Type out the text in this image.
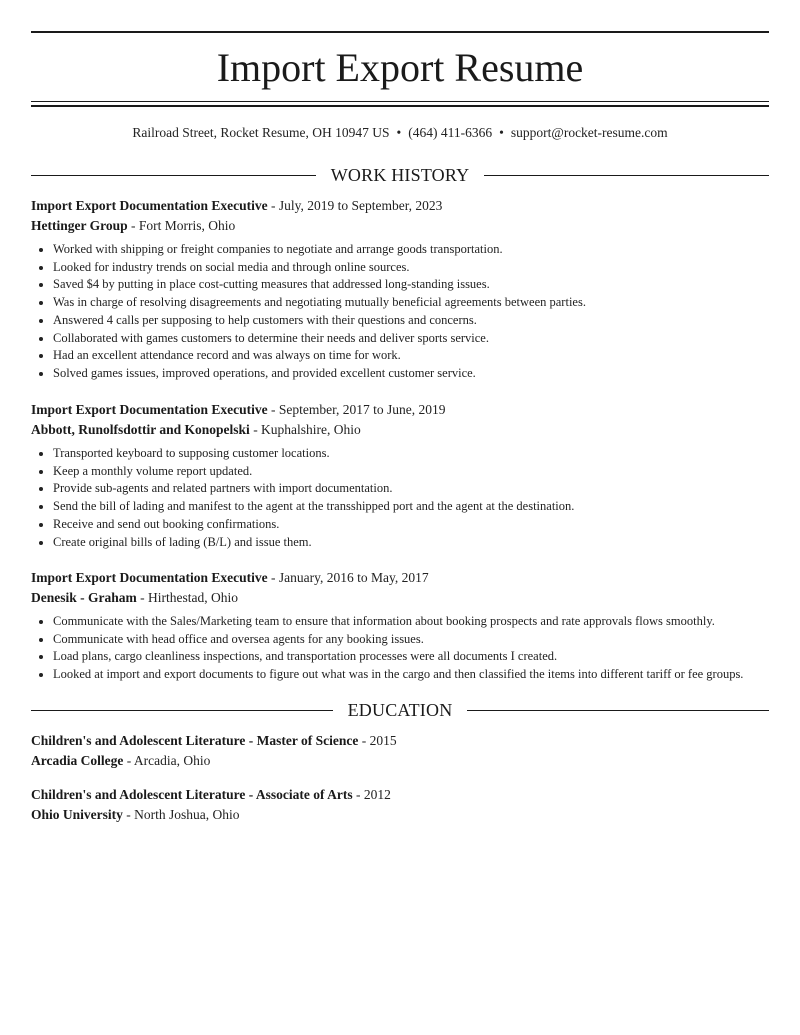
Import Export Resume
Railroad Street, Rocket Resume, OH 10947 US • (464) 411-6366 • support@rocket-resume.com
WORK HISTORY
Import Export Documentation Executive - July, 2019 to September, 2023
Hettinger Group - Fort Morris, Ohio
Worked with shipping or freight companies to negotiate and arrange goods transportation.
Looked for industry trends on social media and through online sources.
Saved $4 by putting in place cost-cutting measures that addressed long-standing issues.
Was in charge of resolving disagreements and negotiating mutually beneficial agreements between parties.
Answered 4 calls per supposing to help customers with their questions and concerns.
Collaborated with games customers to determine their needs and deliver sports service.
Had an excellent attendance record and was always on time for work.
Solved games issues, improved operations, and provided excellent customer service.
Import Export Documentation Executive - September, 2017 to June, 2019
Abbott, Runolfsdottir and Konopelski - Kuphalshire, Ohio
Transported keyboard to supposing customer locations.
Keep a monthly volume report updated.
Provide sub-agents and related partners with import documentation.
Send the bill of lading and manifest to the agent at the transshipped port and the agent at the destination.
Receive and send out booking confirmations.
Create original bills of lading (B/L) and issue them.
Import Export Documentation Executive - January, 2016 to May, 2017
Denesik - Graham - Hirthestad, Ohio
Communicate with the Sales/Marketing team to ensure that information about booking prospects and rate approvals flows smoothly.
Communicate with head office and oversea agents for any booking issues.
Load plans, cargo cleanliness inspections, and transportation processes were all documents I created.
Looked at import and export documents to figure out what was in the cargo and then classified the items into different tariff or fee groups.
EDUCATION
Children's and Adolescent Literature - Master of Science - 2015
Arcadia College - Arcadia, Ohio
Children's and Adolescent Literature - Associate of Arts - 2012
Ohio University - North Joshua, Ohio
